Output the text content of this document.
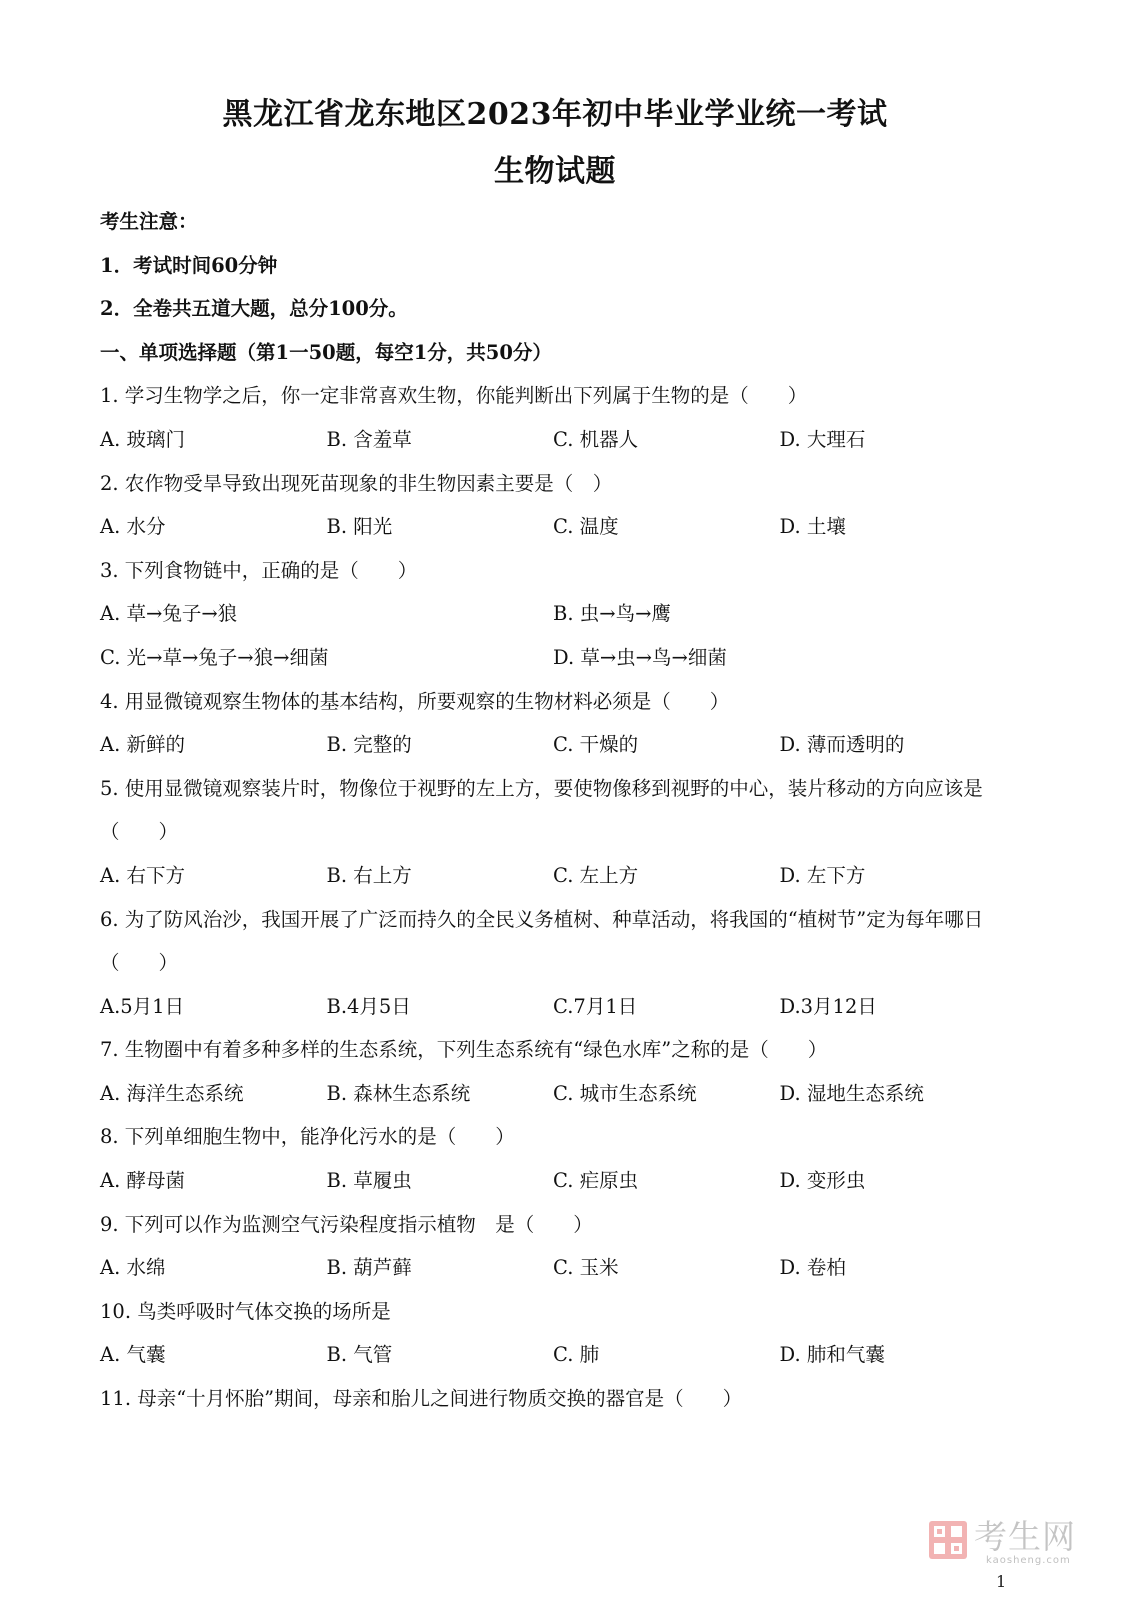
黑龙江省龙东地区2023年初中毕业学业统一考试
生物试题
考生注意：
1．考试时间60分钟
2．全卷共五道大题，总分100分。
一、单项选择题（第1一50题，每空1分，共50分）
1. 学习生物学之后，你一定非常喜欢生物，你能判断出下列属于生物的是（　　）
A. 玻璃门	B. 含羞草	C. 机器人	D. 大理石
2. 农作物受旱导致出现死苗现象的非生物因素主要是（　）
A. 水分	B. 阳光	C. 温度	D. 土壤
3. 下列食物链中，正确的是（　　）
A. 草→兔子→狼	B. 虫→鸟→鹰
C. 光→草→兔子→狼→细菌	D. 草→虫→鸟→细菌
4. 用显微镜观察生物体的基本结构，所要观察的生物材料必须是（　　）
A. 新鲜的	B. 完整的	C. 干燥的	D. 薄而透明的
5. 使用显微镜观察装片时，物像位于视野的左上方，要使物像移到视野的中心，装片移动的方向应该是
（　　）
A. 右下方	B. 右上方	C. 左上方	D. 左下方
6. 为了防风治沙，我国开展了广泛而持久的全民义务植树、种草活动，将我国的“植树节”定为每年哪日
（　　）
A.5月1日	B.4月5日	C.7月1日	D.3月12日
7. 生物圈中有着多种多样的生态系统，下列生态系统有“绿色水库”之称的是（　　）
A. 海洋生态系统	B. 森林生态系统	C. 城市生态系统	D. 湿地生态系统
8. 下列单细胞生物中，能净化污水的是（　　）
A. 酵母菌	B. 草履虫	C. 疟原虫	D. 变形虫
9. 下列可以作为监测空气污染程度指示植物　是（　　）
A. 水绵	B. 葫芦藓	C. 玉米	D. 卷柏
10. 鸟类呼吸时气体交换的场所是
A. 气囊	B. 气管	C. 肺	D. 肺和气囊
11. 母亲“十月怀胎”期间，母亲和胎儿之间进行物质交换的器官是（　　）
考生网
kaosheng.com
1
